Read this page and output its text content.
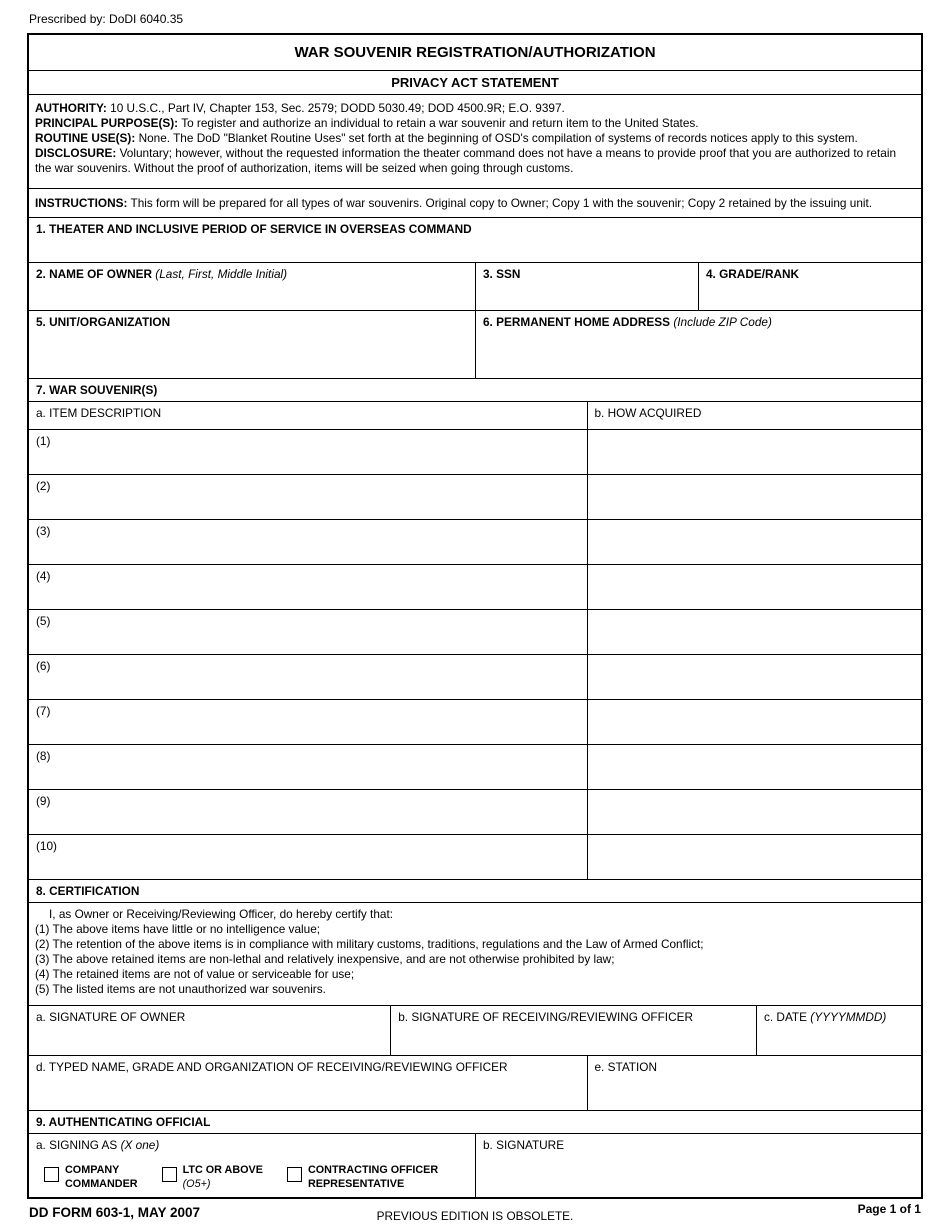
Prescribed by: DoDI 6040.35
WAR SOUVENIR REGISTRATION/AUTHORIZATION
PRIVACY ACT STATEMENT
AUTHORITY: 10 U.S.C., Part IV, Chapter 153, Sec. 2579; DODD 5030.49; DOD 4500.9R; E.O. 9397.
PRINCIPAL PURPOSE(S): To register and authorize an individual to retain a war souvenir and return item to the United States.
ROUTINE USE(S): None. The DoD "Blanket Routine Uses" set forth at the beginning of OSD's compilation of systems of records notices apply to this system.
DISCLOSURE: Voluntary; however, without the requested information the theater command does not have a means to provide proof that you are authorized to retain the war souvenirs. Without the proof of authorization, items will be seized when going through customs.
INSTRUCTIONS: This form will be prepared for all types of war souvenirs. Original copy to Owner; Copy 1 with the souvenir; Copy 2 retained by the issuing unit.
1. THEATER AND INCLUSIVE PERIOD OF SERVICE IN OVERSEAS COMMAND
2. NAME OF OWNER (Last, First, Middle Initial)	3. SSN	4. GRADE/RANK
5. UNIT/ORGANIZATION	6. PERMANENT HOME ADDRESS (Include ZIP Code)
7. WAR SOUVENIR(S)
a. ITEM DESCRIPTION	b. HOW ACQUIRED
(1)
(2)
(3)
(4)
(5)
(6)
(7)
(8)
(9)
(10)
8. CERTIFICATION
I, as Owner or Receiving/Reviewing Officer, do hereby certify that:
(1) The above items have little or no intelligence value;
(2) The retention of the above items is in compliance with military customs, traditions, regulations and the Law of Armed Conflict;
(3) The above retained items are non-lethal and relatively inexpensive, and are not otherwise prohibited by law;
(4) The retained items are not of value or serviceable for use;
(5) The listed items are not unauthorized war souvenirs.
a. SIGNATURE OF OWNER	b. SIGNATURE OF RECEIVING/REVIEWING OFFICER	c. DATE (YYYYMMDD)
d. TYPED NAME, GRADE AND ORGANIZATION OF RECEIVING/REVIEWING OFFICER	e. STATION
9. AUTHENTICATING OFFICIAL
a. SIGNING AS (X one)
COMPANY
COMMANDER
LTC OR ABOVE
(O5+)
CONTRACTING OFFICER
REPRESENTATIVE
b. SIGNATURE
DD FORM 603-1, MAY 2007	PREVIOUS EDITION IS OBSOLETE.	Page 1 of 1
